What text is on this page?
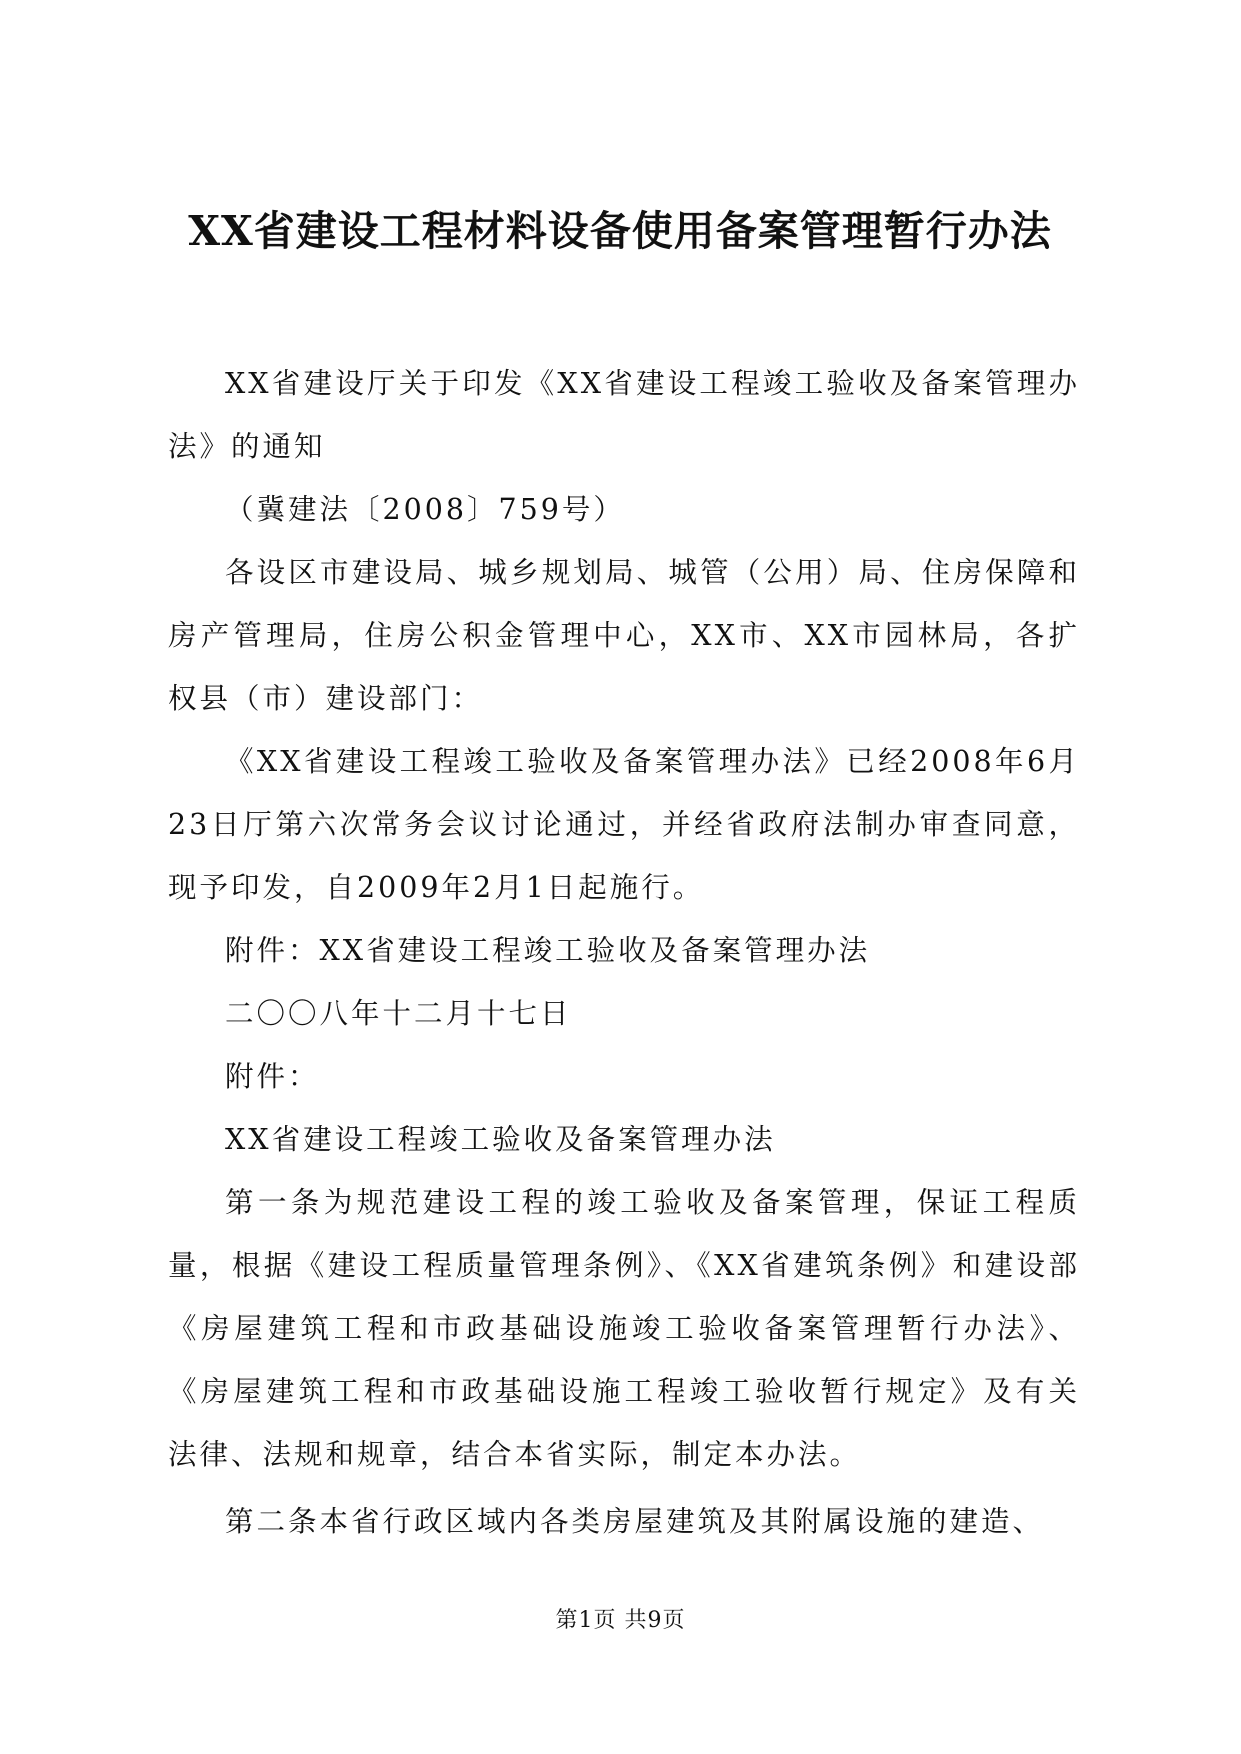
XX省建设工程材料设备使用备案管理暂行办法

XX省建设厅关于印发《XX省建设工程竣工验收及备案管理办法》的通知

（冀建法〔2008〕759号）

各设区市建设局、城乡规划局、城管（公用）局、住房保障和房产管理局，住房公积金管理中心，XX市、XX市园林局，各扩权县（市）建设部门：

《XX省建设工程竣工验收及备案管理办法》已经2008年6月23日厅第六次常务会议讨论通过，并经省政府法制办审查同意，现予印发，自2009年2月1日起施行。

附件：XX省建设工程竣工验收及备案管理办法

二〇〇八年十二月十七日

附件：

XX省建设工程竣工验收及备案管理办法

第一条为规范建设工程的竣工验收及备案管理，保证工程质量，根据《建设工程质量管理条例》、《XX省建筑条例》和建设部《房屋建筑工程和市政基础设施竣工验收备案管理暂行办法》、《房屋建筑工程和市政基础设施工程竣工验收暂行规定》及有关法律、法规和规章，结合本省实际，制定本办法。

第二条本省行政区域内各类房屋建筑及其附属设施的建造、

第1页 共9页
